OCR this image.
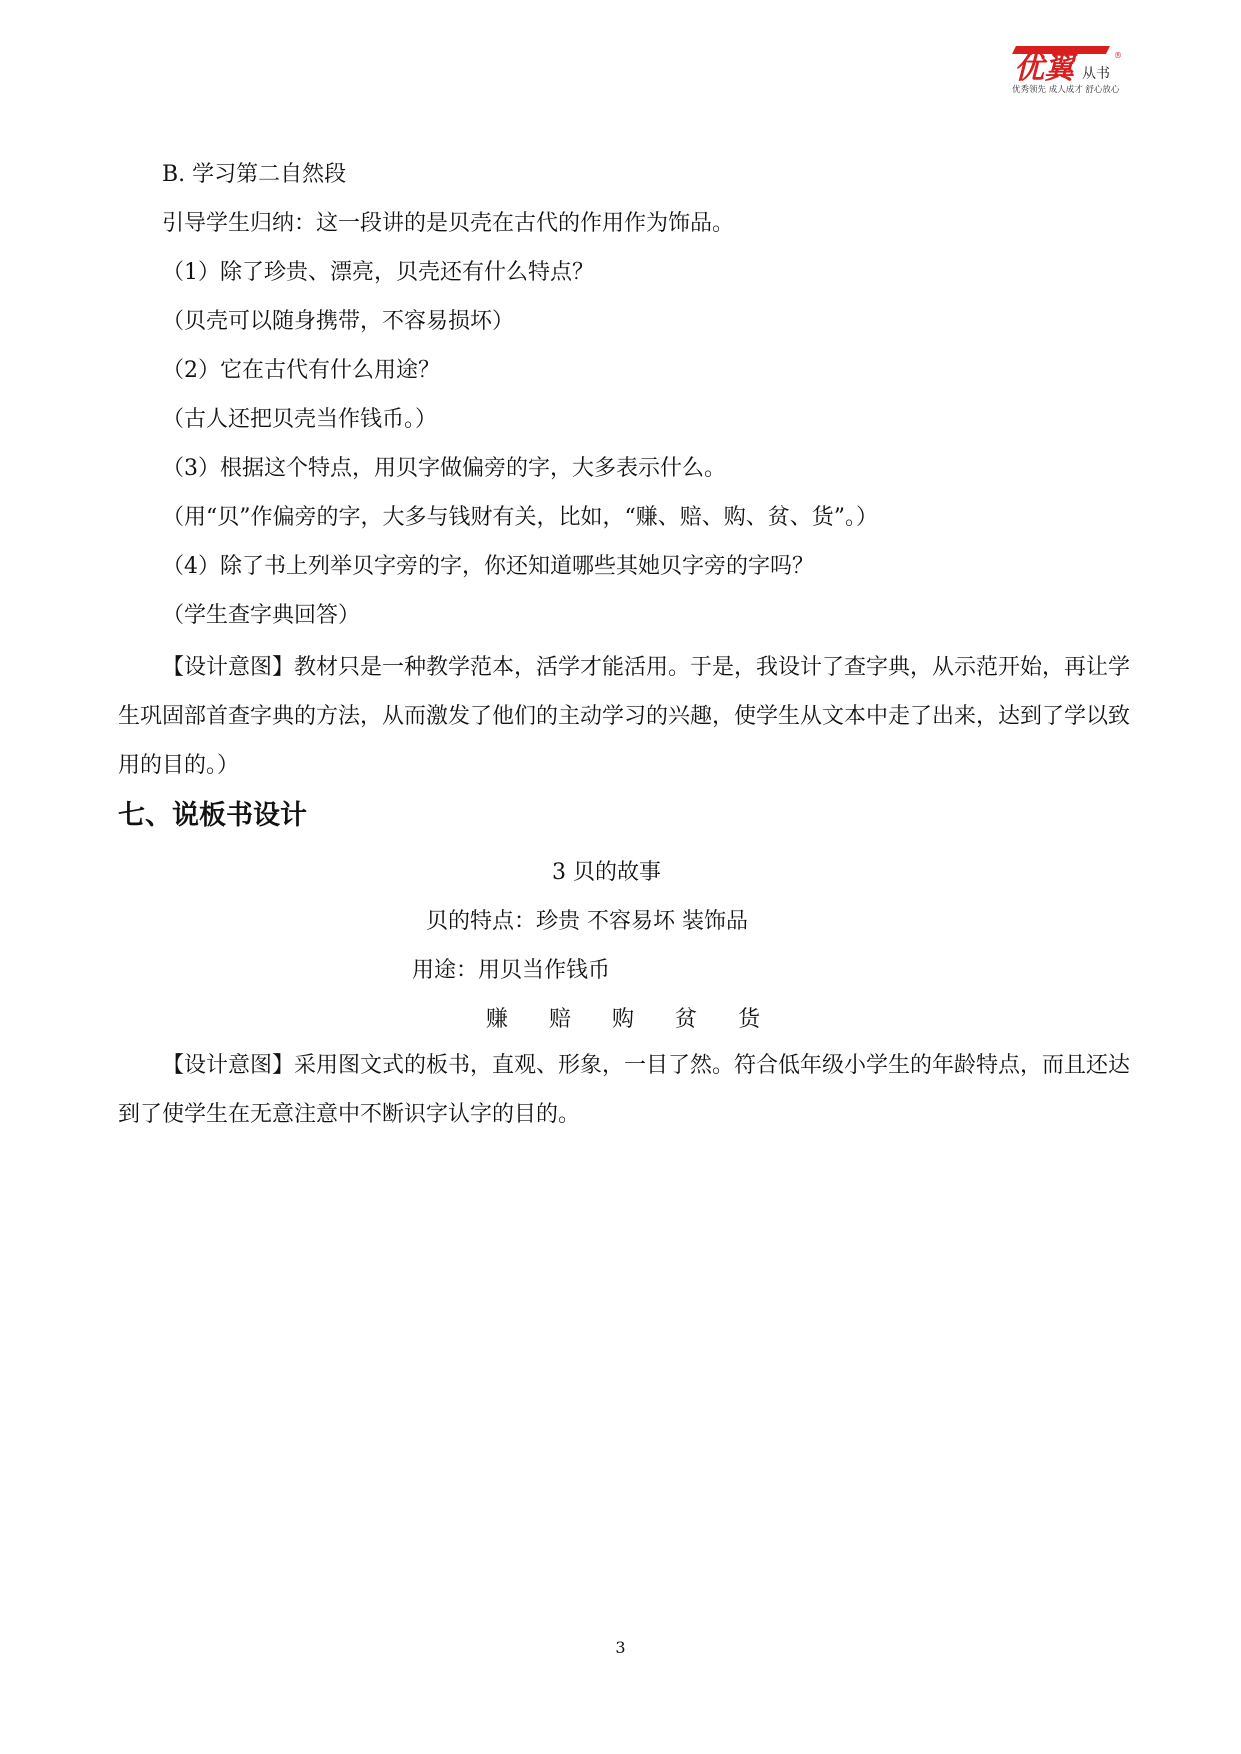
优翼 从书
®
优秀领先 成人成才 舒心放心
B. 学习第二自然段
引导学生归纳：这一段讲的是贝壳在古代的作用作为饰品。
（1）除了珍贵、漂亮，贝壳还有什么特点？
（贝壳可以随身携带，不容易损坏）
（2）它在古代有什么用途？
（古人还把贝壳当作钱币。）
（3）根据这个特点，用贝字做偏旁的字，大多表示什么。
（用“贝”作偏旁的字，大多与钱财有关，比如，“赚、赔、购、贫、货”。）
（4）除了书上列举贝字旁的字，你还知道哪些其她贝字旁的字吗？
（学生查字典回答）
【设计意图】教材只是一种教学范本，活学才能活用。于是，我设计了查字典，从示范开始，再让学生巩固部首查字典的方法，从而激发了他们的主动学习的兴趣，使学生从文本中走了出来，达到了学以致用的目的。）
七、说板书设计
3 贝的故事
贝的特点：珍贵 不容易坏 装饰品
用途：用贝当作钱币
赚 赔 购 贫 货
【设计意图】采用图文式的板书，直观、形象，一目了然。符合低年级小学生的年龄特点，而且还达到了使学生在无意注意中不断识字认字的目的。
3
